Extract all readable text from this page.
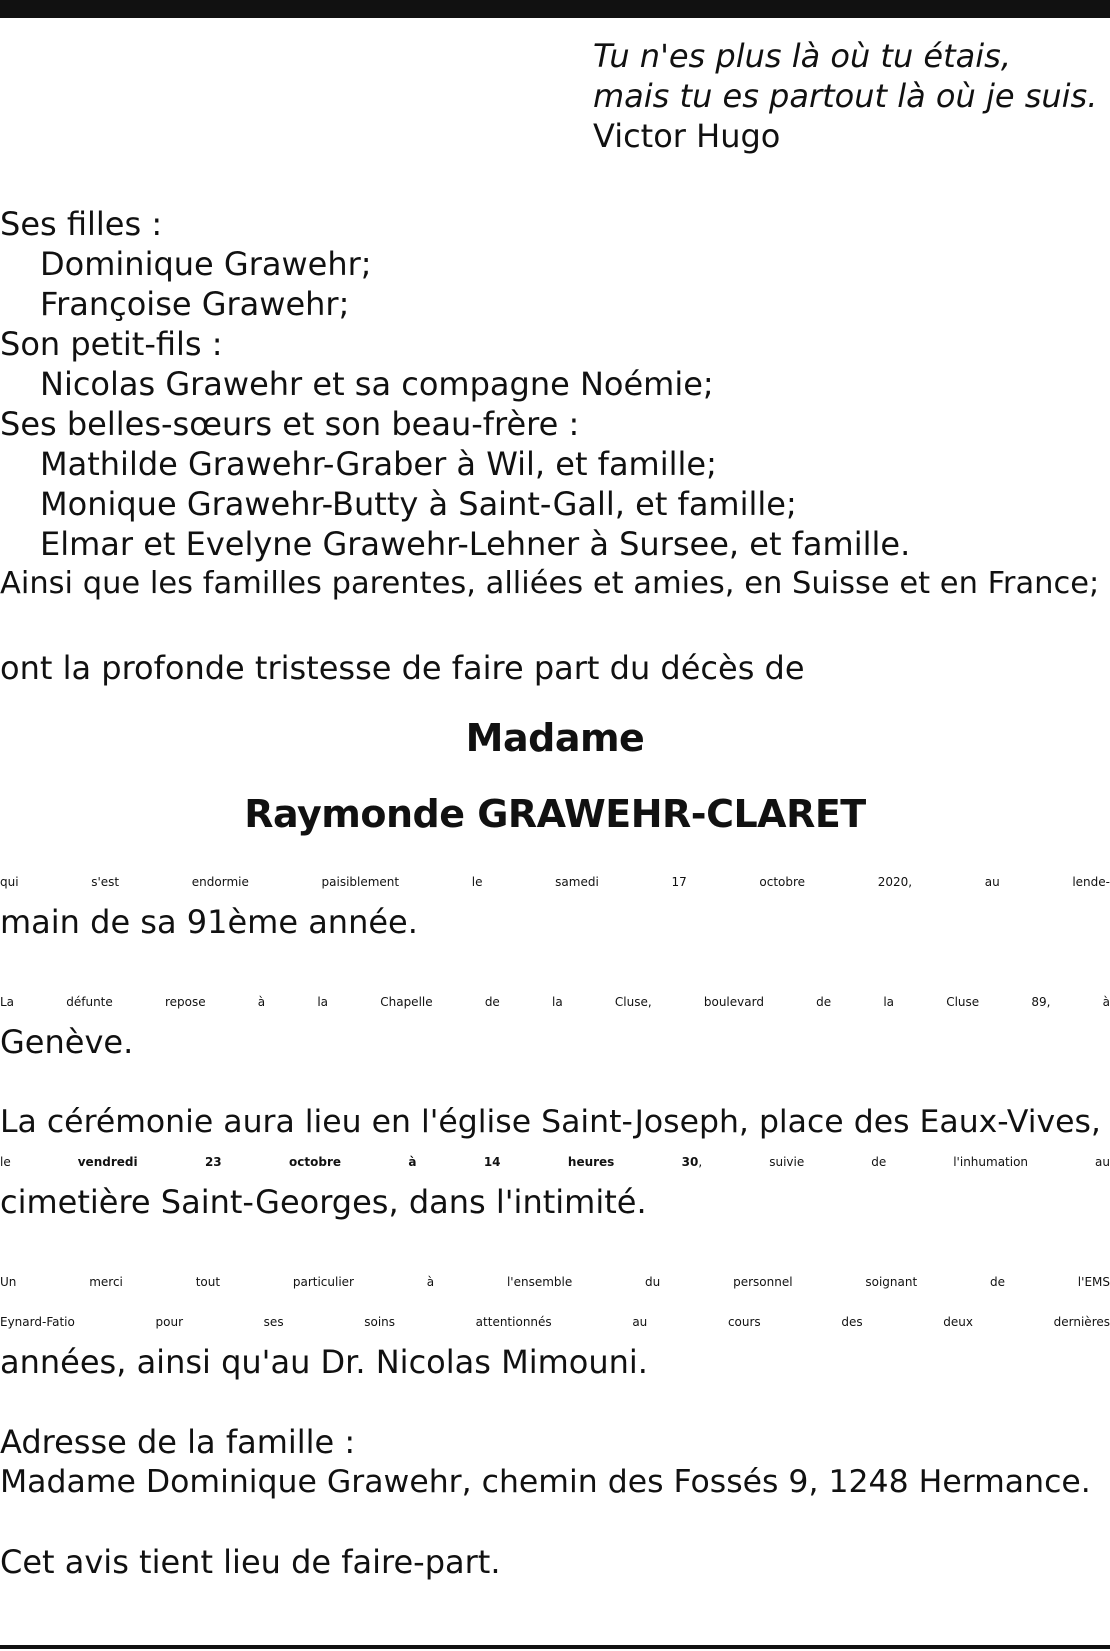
Tu n'es plus là où tu étais,
mais tu es partout là où je suis.
Victor Hugo
Ses filles :
Dominique Grawehr;
Françoise Grawehr;
Son petit-fils :
Nicolas Grawehr et sa compagne Noémie;
Ses belles-sœurs et son beau-frère :
Mathilde Grawehr-Graber à Wil, et famille;
Monique Grawehr-Butty à Saint-Gall, et famille;
Elmar et Evelyne Grawehr-Lehner à Sursee, et famille.
Ainsi que les familles parentes, alliées et amies, en Suisse et en France;
ont la profonde tristesse de faire part du décès de
Madame
Raymonde GRAWEHR-CLARET
qui s'est endormie paisiblement le samedi 17 octobre 2020, au lende-
main de sa 91ème année.
La défunte repose à la Chapelle de la Cluse, boulevard de la Cluse 89, à
Genève.
La cérémonie aura lieu en l'église Saint-Joseph, place des Eaux-Vives,
le	vendredi 23 octobre à 14 heures 30, suivie de l'inhumation au
cimetière Saint-Georges, dans l'intimité.
Un merci tout particulier à l'ensemble du personnel soignant de l'EMS
Eynard-Fatio pour ses soins attentionnés au cours des deux dernières
années, ainsi qu'au Dr. Nicolas Mimouni.
Adresse de la famille :
Madame Dominique Grawehr, chemin des Fossés 9, 1248 Hermance.
Cet avis tient lieu de faire-part.
